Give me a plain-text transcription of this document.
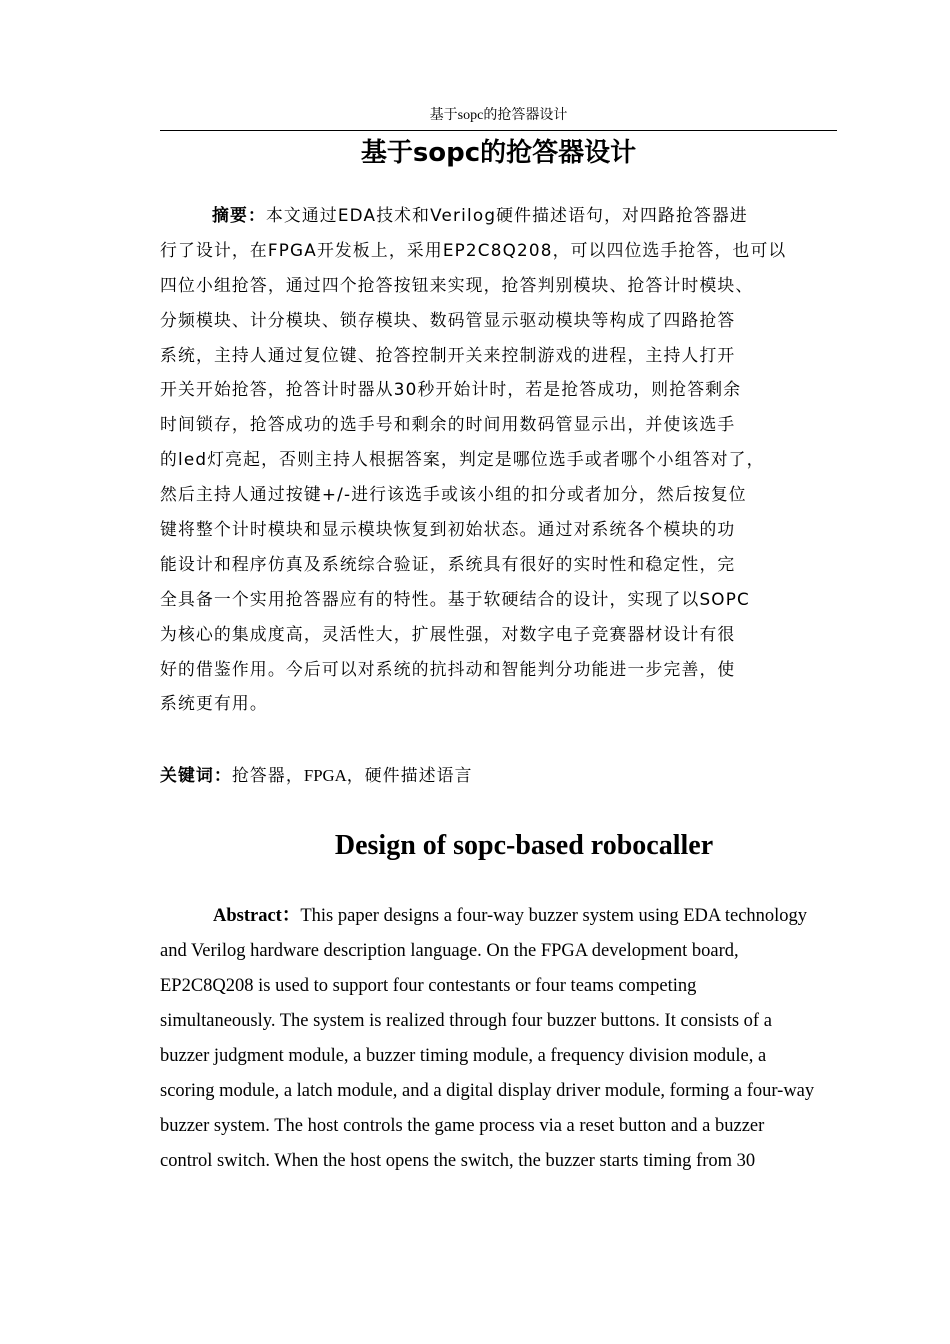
基于sopc的抢答器设计
基于sopc的抢答器设计
摘要：本文通过EDA技术和Verilog硬件描述语句，对四路抢答器进
行了设计，在FPGA开发板上，采用EP2C8Q208，可以四位选手抢答，也可以
四位小组抢答，通过四个抢答按钮来实现，抢答判别模块、抢答计时模块、
分频模块、计分模块、锁存模块、数码管显示驱动模块等构成了四路抢答
系统，主持人通过复位键、抢答控制开关来控制游戏的进程，主持人打开
开关开始抢答，抢答计时器从30秒开始计时，若是抢答成功，则抢答剩余
时间锁存，抢答成功的选手号和剩余的时间用数码管显示出，并使该选手
的led灯亮起，否则主持人根据答案，判定是哪位选手或者哪个小组答对了，
然后主持人通过按键+/-进行该选手或该小组的扣分或者加分，然后按复位
键将整个计时模块和显示模块恢复到初始状态。通过对系统各个模块的功
能设计和程序仿真及系统综合验证，系统具有很好的实时性和稳定性，完
全具备一个实用抢答器应有的特性。基于软硬结合的设计，实现了以SOPC
为核心的集成度高，灵活性大，扩展性强，对数字电子竞赛器材设计有很
好的借鉴作用。今后可以对系统的抗抖动和智能判分功能进一步完善，使
系统更有用。
关键词：抢答器，FPGA，硬件描述语言
Design of sopc-based robocaller
Abstract：This paper designs a four-way buzzer system using EDA technology
and Verilog hardware description language. On the FPGA development board,
EP2C8Q208 is used to support four contestants or four teams competing
simultaneously. The system is realized through four buzzer buttons. It consists of a
buzzer judgment module, a buzzer timing module, a frequency division module, a
scoring module, a latch module, and a digital display driver module, forming a four-way
buzzer system. The host controls the game process via a reset button and a buzzer
control switch. When the host opens the switch, the buzzer starts timing from 30
